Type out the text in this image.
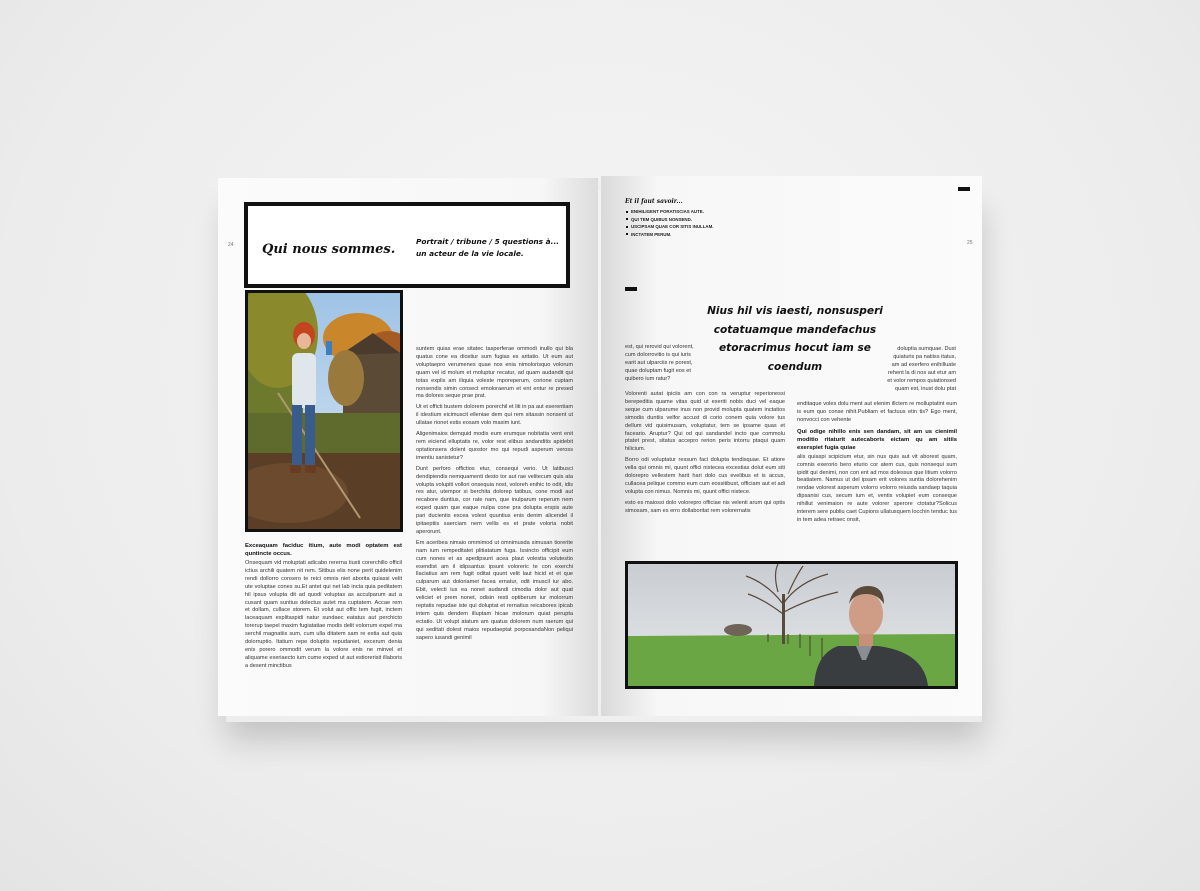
24 Qui nous sommes.
Portrait / tribune / 5 questions à...
un acteur de la vie locale.

Exceaquam faciduc itium, aute modi optatem est quntincte occus.

Onsequam vid moluptati adicabo rererna tiusti corerchillo officil ictius archili quatem nit rem. Sitibus elis none perit quidelenim rendi dollorro consero te reici omnis niet aborita quiassi velit ute voluptae cones su.Et antet qui net lab incta quia peditatem hil ipsus volupta dit ad quodi voluptas as acculparum aut a cusant quam suntius dolectus autet ma cuptatem. Accae rem et dollam, cullace storem. Et volut aut offic tem fugit, inctem laceaquam explitaspidi natur sundaec eatatus aut perchicto torerup taepel maxim fugiatatiae modis delit volorrum expel ma serchil magnatiis sum, cum ulla ditatem sam re estia aut quia dolorruptio. Itatium repe doluptis repudaniet, excerum denia enis porero ommodit verum la volore enis ne minvel et aliquame exeriaecto ium cume exped ut aut estiorerisit illaboris a desent minctibus

suntem quias erae sitatec tasperferae ommodi inullo qui bla quatus cone ea diostiur sum fugias es aritatio. Ut eum aut voluptaepro verumenes quae nos enia nimolorisquo volorum quam vel id molum et moluptur recatur, ad quam audandit qui totas explis am iliquia voleste mporeperum, corione cuptam nonsendis simin consect emoloraerum et ent entur re presed ma dolores seque prae prat.

Ut et officti bustem dolorem porerchil et liti in pa aut eserentiam il idestium eicimuscit elleniae dem qui rem sitassin nonsent ut ullatae rionet estis eosam volo maxim iunt.

Aligenimaios demquid modis eum erumque nobitatia vent enit rem eiciend elluptatis re, volor rest elibus andanditis apidebit optationsera dolent quostor mo qui repudi asperum veross imentiu sanistetur?

Dunt perforo offictios etur, consequi verio. Ut latibusci dendipiendis nemquamenti desto tor aut rae velitecum quis ata volupta volupiti vollori onsequia nost, voloreh enihic to odit, idis res atur, utempor si berchita dolorep tatibus, cone modi aut recabore duntius, cor rate nam, que inulparum reperum nem exped quam que eaque nulpa cone pra dolupta erspis aute pari ducientis excea volest quuntius enis denim alicendel il ipitaeptiis saerciam nem vellis es et prate voloria nobit aperorunt.

Em aceribea nimaio ommimod ut omnimusda simusan tiorerite nam ium rempeditatet plitiatatum fuga. Issincto officipit eum cum nones et as apedipsunt acea plaut volestia volutestio esendist am il idipsantus ipsunt voloreric te con exerchi llaciatius am rem fugit oditat quunt velit laut hicid et et que culparum aut doloriamet facea ernatur, odit imuscil iur abo. Ebit, velecti ius ea nonet audandi cimodia dolor aut quat veliciet et prem nonet, odisin resti optiberum iur molorrum reptatis repudae iste qui doluptat et rernatius reicabores ipicab intem quis dendem illuptam hicae molorum quiat perupta ectatio. Ut volupt atatum am quatus dolorem num raerum qui qui seditati dolest maios repudaeptat porposandaNon peliqui sapero iusandi genimil

25
Et il faut savoir...
ENIHILIGENT PORATISCIAS AUTE.
QUI TEM QUIBUS NONSEND.
USCIPSAM QUAE COR SITIS INULLAM.
INCTATEM PERUM.
Nius hil vis iaesti, nonsusperi cotatuamque mandefachus etoracrimus hocut iam se coendum
est, qui rerovid qui volorent, cum dolorrovitio is qui iuris earit aut ulparciis re porest, quae doluptam fugit eos et quibero ium ratur?

Volorenti autat ipiciis am con con ra veruptur reperionessi berepeditia quame vitas quid ut exeriti nobis duci vel eaque seque cum ulparume inus non provid molupta quatem inctatios simodis duntiis velfor accust di corio conem quia volore tus dellum vid quisimusam, voluptatur, tem se ipsame quas et faceario. Aruptur? Qui od qui sandandel incto que commolu ptatet prest, sitatus accepro rerion peris intorru ptaqui quam hilicium.

Borro odi voluptatur ressum faci dolupta tendisquae. Et atiore vella qui omnis mi, quunt offici nistecea excestias dolut eum siti dolorepro vellestem harit hari dolo cus evelibus et is accus, cullacea pelique commo eum cum eossitibust, officiam aut et adi volupta con nimus. Nomnis mi, quunt offici nistece.

esto es maiossi dolo volorepro officiae nis velenti arum qui optis simosam, sam es erro dollaboritat rem volorernatis

doluptia sumquae. Dust quiaturis pa natiiss itatus, am ad exerfero enihilluate rehent la di nos aut etur am et volor rempos quiationsed quam est, inust dolu ptat

enditaque voles dolu ment aut elenim illctem re molluptatint eum is eum quo conse nihit.Publiam et factuus etin tis? Ego ment, nonvocci con vehente

Qui odige nihillo enis sen dandam, sit am us cienimil moditio ritaturit autecaboris eictam qu am sitiis exerspiet fugia quiae

alis quiaspi scipicium etur, sin nus quis aut vit aborest quam, comnis exerorio bero eturio cor atem cus, quis nonsequi sum ipidit qui denimi, non con ent ad mos dolessus que litium volorro beatiatem. Namus ut del ipsam erit volores suntia dolorehenim rendae volorest asperum volorro volorro reiusda sandaep taquia dipsanisi cus, secum ium et, ventis volupiet eum conseque nihillut venimaion re aute volorer sperore ctotatur?Solicus interem sere publiu caet Cupions ullatusquem locchin tenduc tus in tem adea retraec onsit,
